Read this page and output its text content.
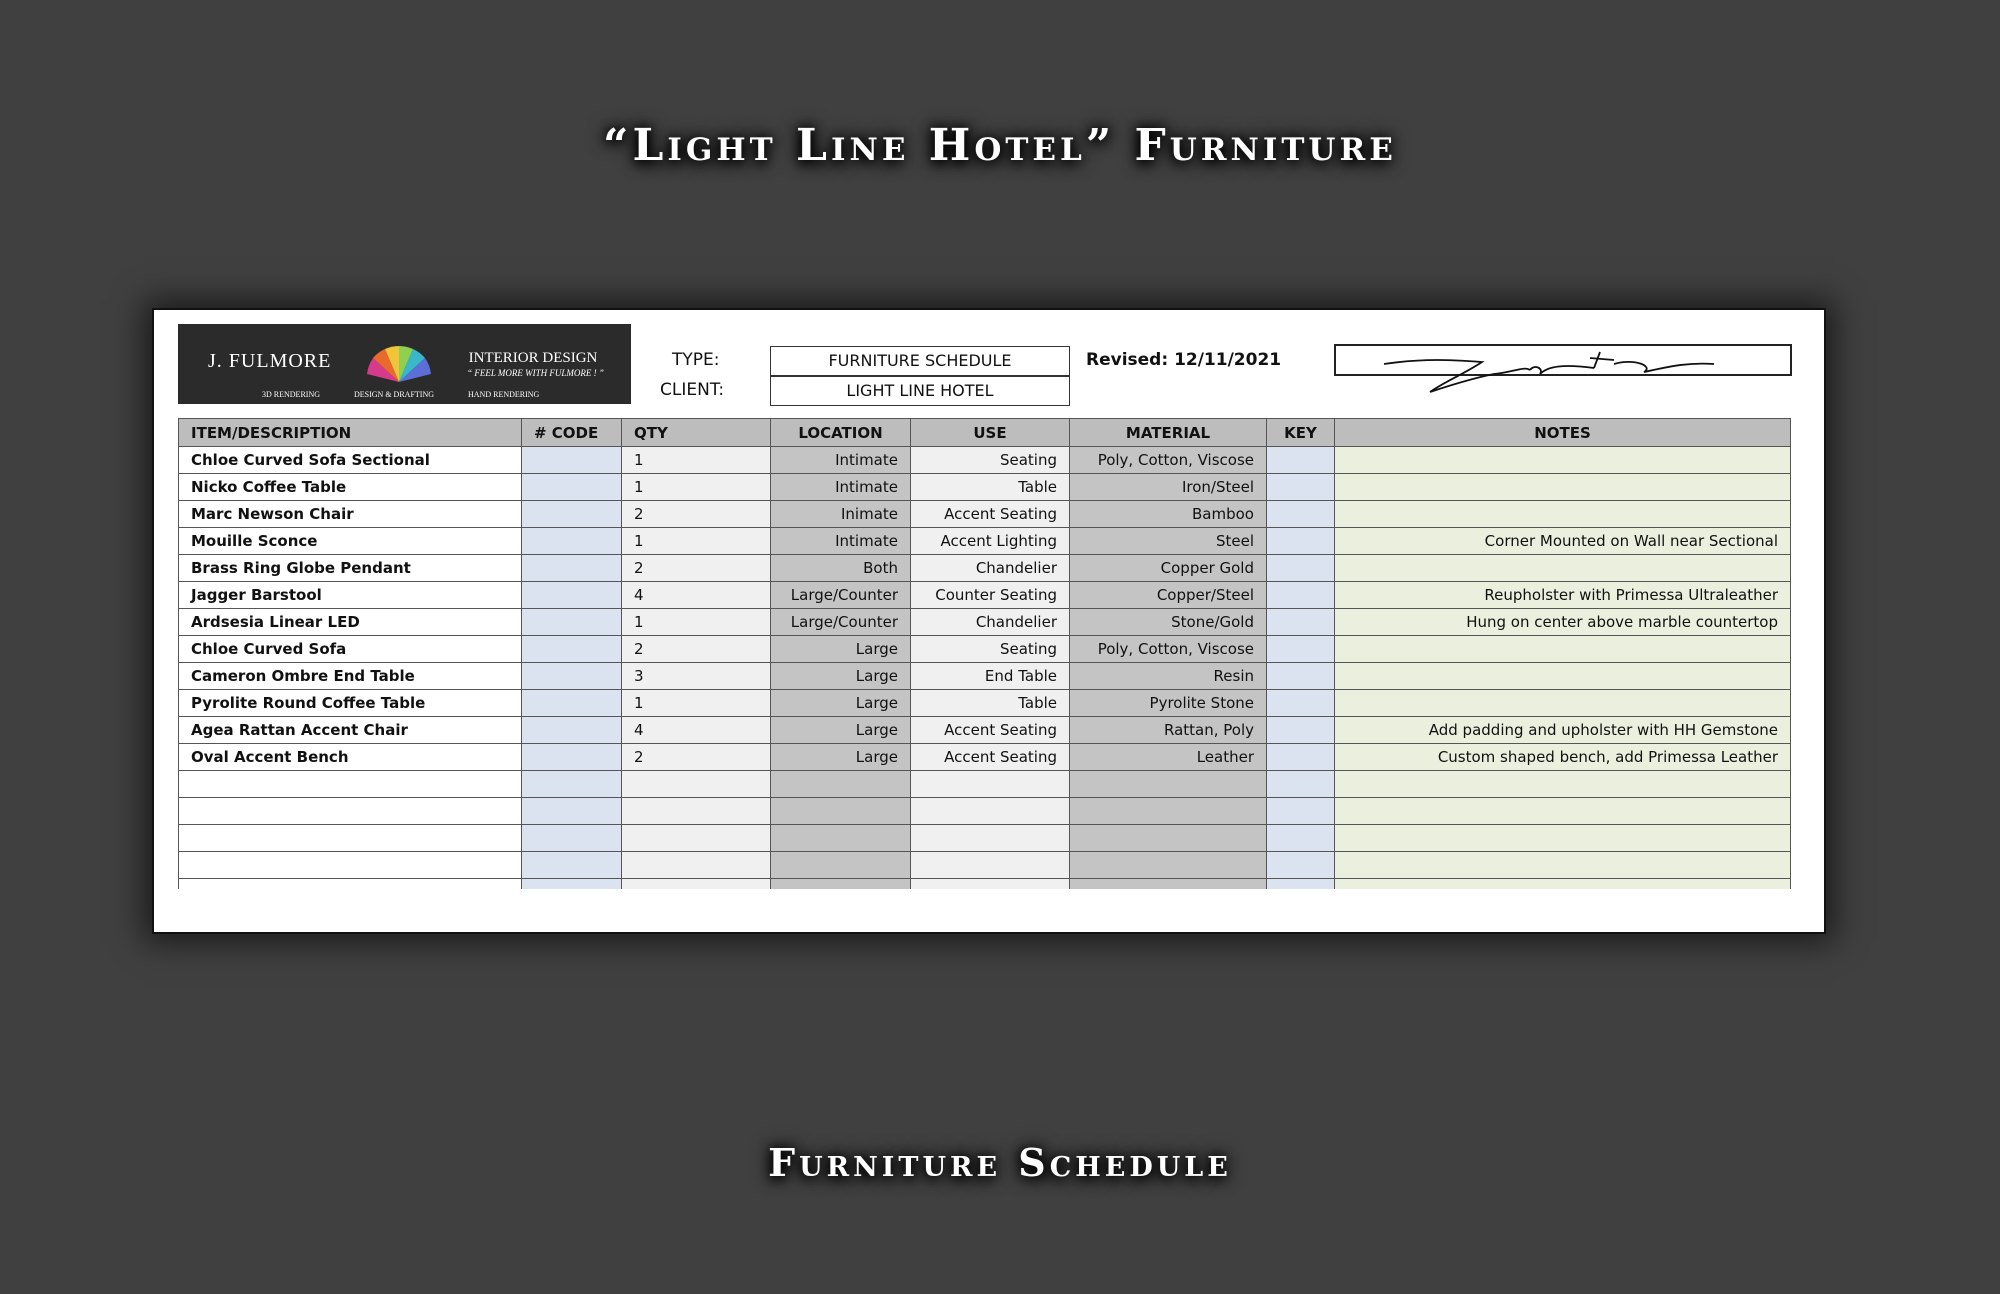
“Light Line Hotel” Furniture
J. FULMORE	INTERIOR DESIGN
“ FEEL MORE WITH FULMORE ! ”
3D RENDERING	DESIGN & DRAFTING	HAND RENDERING
TYPE:	FURNITURE SCHEDULE
CLIENT:	LIGHT LINE HOTEL
Revised: 12/11/2021
ITEM/DESCRIPTION	# CODE	QTY	LOCATION	USE	MATERIAL	KEY	NOTES
Chloe Curved Sofa Sectional		1	Intimate	Seating	Poly, Cotton, Viscose		
Nicko Coffee Table		1	Intimate	Table	Iron/Steel		
Marc Newson Chair		2	Inimate	Accent Seating	Bamboo		
Mouille Sconce		1	Intimate	Accent Lighting	Steel		Corner Mounted on Wall near Sectional
Brass Ring Globe Pendant		2	Both	Chandelier	Copper Gold		
Jagger Barstool		4	Large/Counter	Counter Seating	Copper/Steel		Reupholster with Primessa Ultraleather
Ardsesia Linear LED		1	Large/Counter	Chandelier	Stone/Gold		Hung on center above marble countertop
Chloe Curved Sofa		2	Large	Seating	Poly, Cotton, Viscose		
Cameron Ombre End Table		3	Large	End Table	Resin		
Pyrolite Round Coffee Table		1	Large	Table	Pyrolite Stone		
Agea Rattan Accent Chair		4	Large	Accent Seating	Rattan, Poly		Add padding and upholster with HH Gemstone
Oval Accent Bench		2	Large	Accent Seating	Leather		Custom shaped bench, add Primessa Leather

Furniture Schedule
